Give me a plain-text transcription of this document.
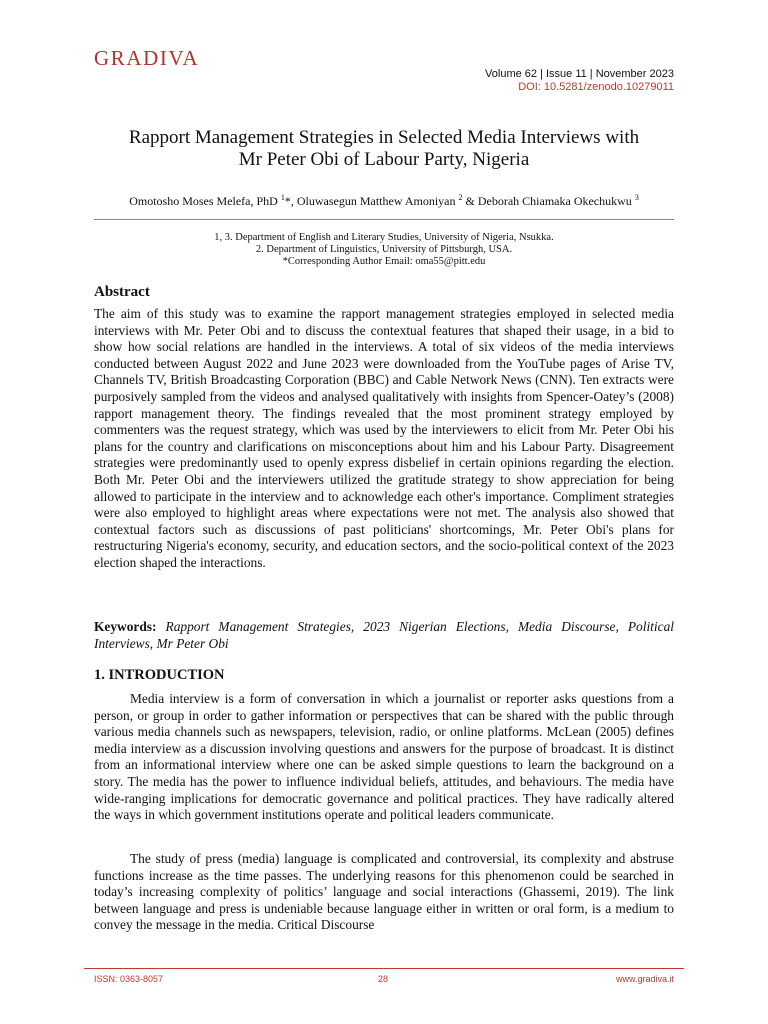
GRADIVA
Volume 62 | Issue 11 | November 2023
DOI: 10.5281/zenodo.10279011
Rapport Management Strategies in Selected Media Interviews with
Mr Peter Obi of Labour Party, Nigeria
Omotosho Moses Melefa, PhD $^1$*, Oluwasegun Matthew Amoniyan $^2$ & Deborah Chiamaka Okechukwu $^3$
1, 3. Department of English and Literary Studies, University of Nigeria, Nsukka.
2. Department of Linguistics, University of Pittsburgh, USA.
*Corresponding Author Email: oma55@pitt.edu
Abstract
The aim of this study was to examine the rapport management strategies employed in selected media interviews with Mr. Peter Obi and to discuss the contextual features that shaped their usage, in a bid to show how social relations are handled in the interviews. A total of six videos of the media interviews conducted between August 2022 and June 2023 were downloaded from the YouTube pages of Arise TV, Channels TV, British Broadcasting Corporation (BBC) and Cable Network News (CNN). Ten extracts were purposively sampled from the videos and analysed qualitatively with insights from Spencer-Oatey’s (2008) rapport management theory. The findings revealed that the most prominent strategy employed by commenters was the request strategy, which was used by the interviewers to elicit from Mr. Peter Obi his plans for the country and clarifications on misconceptions about him and his Labour Party. Disagreement strategies were predominantly used to openly express disbelief in certain opinions regarding the election. Both Mr. Peter Obi and the interviewers utilized the gratitude strategy to show appreciation for being allowed to participate in the interview and to acknowledge each other's importance. Compliment strategies were also employed to highlight areas where expectations were not met. The analysis also showed that contextual factors such as discussions of past politicians' shortcomings, Mr. Peter Obi's plans for restructuring Nigeria's economy, security, and education sectors, and the socio-political context of the 2023 election shaped the interactions.
Keywords: Rapport Management Strategies, 2023 Nigerian Elections, Media Discourse, Political Interviews, Mr Peter Obi
1. INTRODUCTION
Media interview is a form of conversation in which a journalist or reporter asks questions from a person, or group in order to gather information or perspectives that can be shared with the public through various media channels such as newspapers, television, radio, or online platforms. McLean (2005) defines media interview as a discussion involving questions and answers for the purpose of broadcast. It is distinct from an informational interview where one can be asked simple questions to learn the background on a story. The media has the power to influence individual beliefs, attitudes, and behaviours. The media have wide-ranging implications for democratic governance and political practices. They have radically altered the ways in which government institutions operate and political leaders communicate.
The study of press (media) language is complicated and controversial, its complexity and abstruse functions increase as the time passes. The underlying reasons for this phenomenon could be searched in today’s increasing complexity of politics’ language and social interactions (Ghassemi, 2019). The link between language and press is undeniable because language either in written or oral form, is a medium to convey the message in the media. Critical Discourse
ISSN: 0363-8057	28	www.gradiva.it
